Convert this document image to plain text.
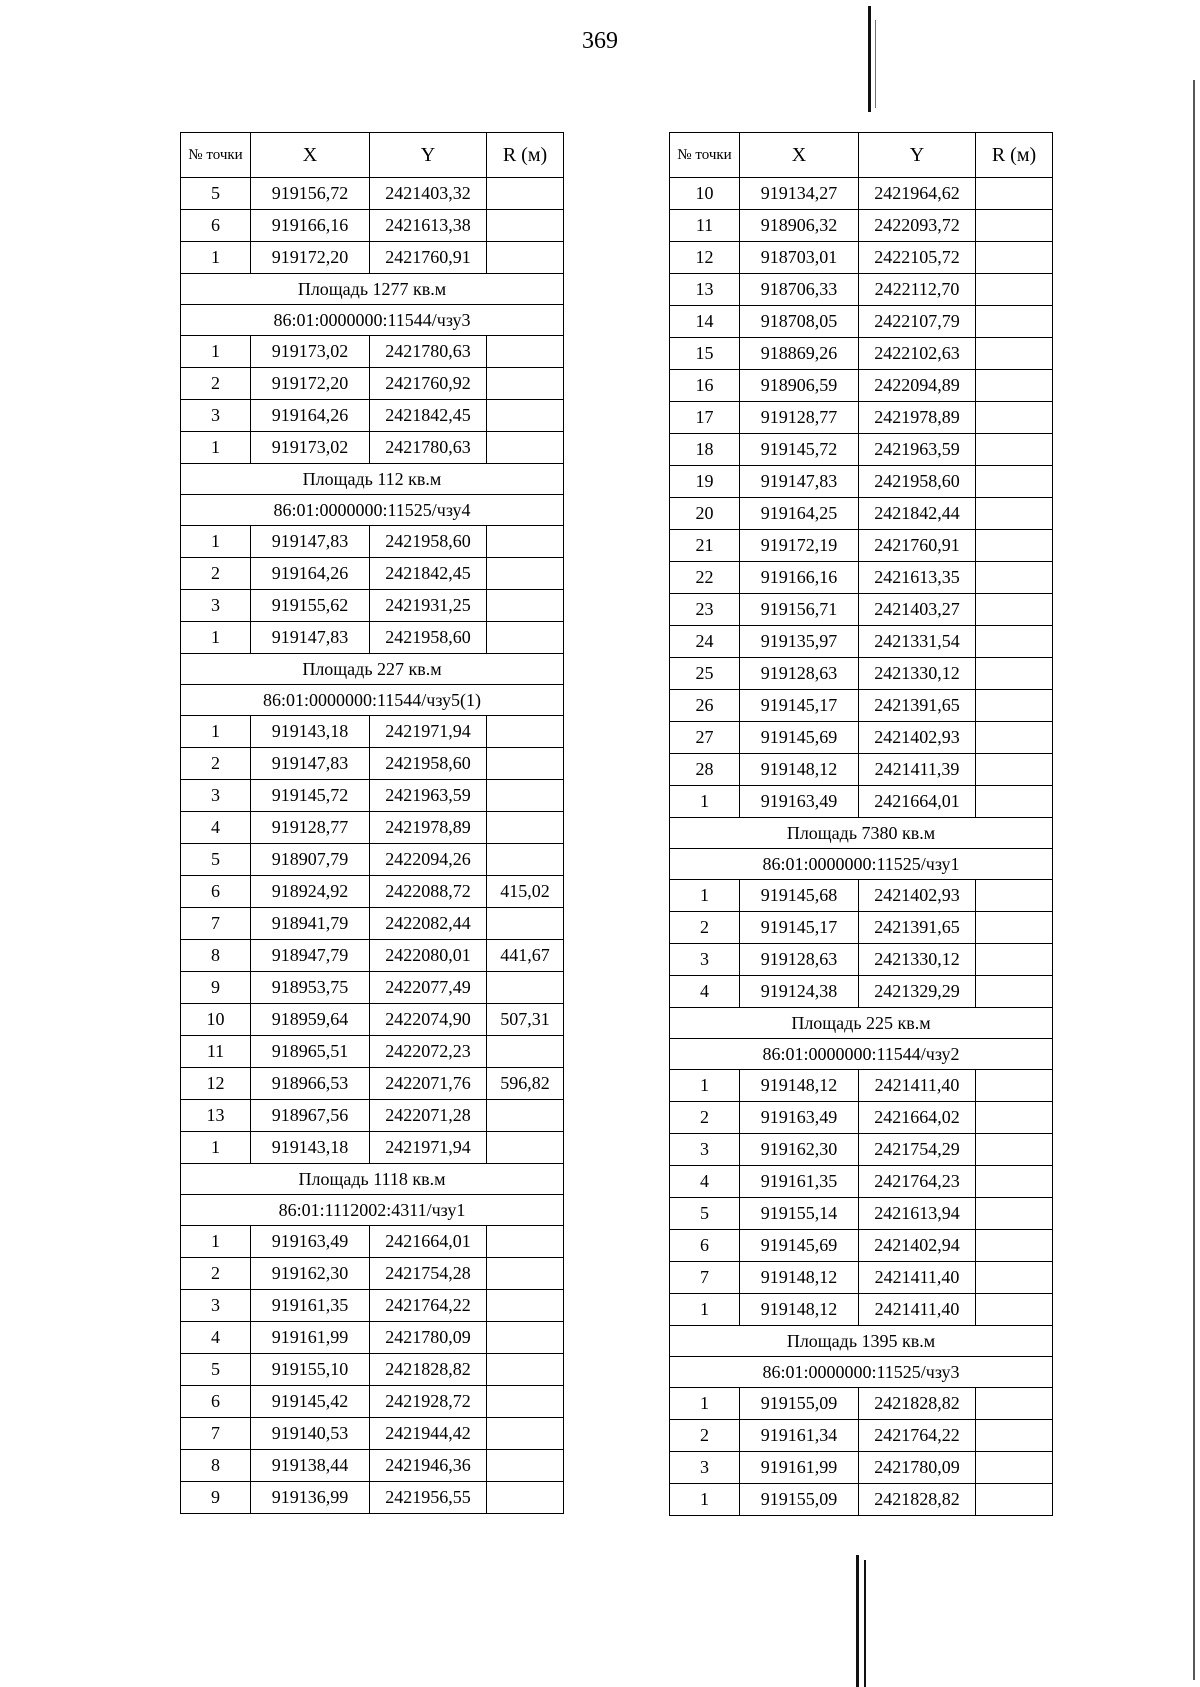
369
№ точки	X	Y	R (м)
5	919156,72	2421403,32	
6	919166,16	2421613,38	
1	919172,20	2421760,91	
Площадь 1277 кв.м			
86:01:0000000:11544/чзу3			
1	919173,02	2421780,63	
2	919172,20	2421760,92	
3	919164,26	2421842,45	
1	919173,02	2421780,63	
Площадь 112 кв.м			
86:01:0000000:11525/чзу4			
1	919147,83	2421958,60	
2	919164,26	2421842,45	
3	919155,62	2421931,25	
1	919147,83	2421958,60	
Площадь 227 кв.м			
86:01:0000000:11544/чзу5(1)			
1	919143,18	2421971,94	
2	919147,83	2421958,60	
3	919145,72	2421963,59	
4	919128,77	2421978,89	
5	918907,79	2422094,26	
6	918924,92	2422088,72	415,02
7	918941,79	2422082,44	
8	918947,79	2422080,01	441,67
9	918953,75	2422077,49	
10	918959,64	2422074,90	507,31
11	918965,51	2422072,23	
12	918966,53	2422071,76	596,82
13	918967,56	2422071,28	
1	919143,18	2421971,94	
Площадь 1118 кв.м			
86:01:1112002:4311/чзу1			
1	919163,49	2421664,01	
2	919162,30	2421754,28	
3	919161,35	2421764,22	
4	919161,99	2421780,09	
5	919155,10	2421828,82	
6	919145,42	2421928,72	
7	919140,53	2421944,42	
8	919138,44	2421946,36	
9	919136,99	2421956,55	
№ точки	X	Y	R (м)
10	919134,27	2421964,62	
11	918906,32	2422093,72	
12	918703,01	2422105,72	
13	918706,33	2422112,70	
14	918708,05	2422107,79	
15	918869,26	2422102,63	
16	918906,59	2422094,89	
17	919128,77	2421978,89	
18	919145,72	2421963,59	
19	919147,83	2421958,60	
20	919164,25	2421842,44	
21	919172,19	2421760,91	
22	919166,16	2421613,35	
23	919156,71	2421403,27	
24	919135,97	2421331,54	
25	919128,63	2421330,12	
26	919145,17	2421391,65	
27	919145,69	2421402,93	
28	919148,12	2421411,39	
1	919163,49	2421664,01	
Площадь 7380 кв.м			
86:01:0000000:11525/чзу1			
1	919145,68	2421402,93	
2	919145,17	2421391,65	
3	919128,63	2421330,12	
4	919124,38	2421329,29	
Площадь 225 кв.м			
86:01:0000000:11544/чзу2			
1	919148,12	2421411,40	
2	919163,49	2421664,02	
3	919162,30	2421754,29	
4	919161,35	2421764,23	
5	919155,14	2421613,94	
6	919145,69	2421402,94	
7	919148,12	2421411,40	
1	919148,12	2421411,40	
Площадь 1395 кв.м			
86:01:0000000:11525/чзу3			
1	919155,09	2421828,82	
2	919161,34	2421764,22	
3	919161,99	2421780,09	
1	919155,09	2421828,82	
